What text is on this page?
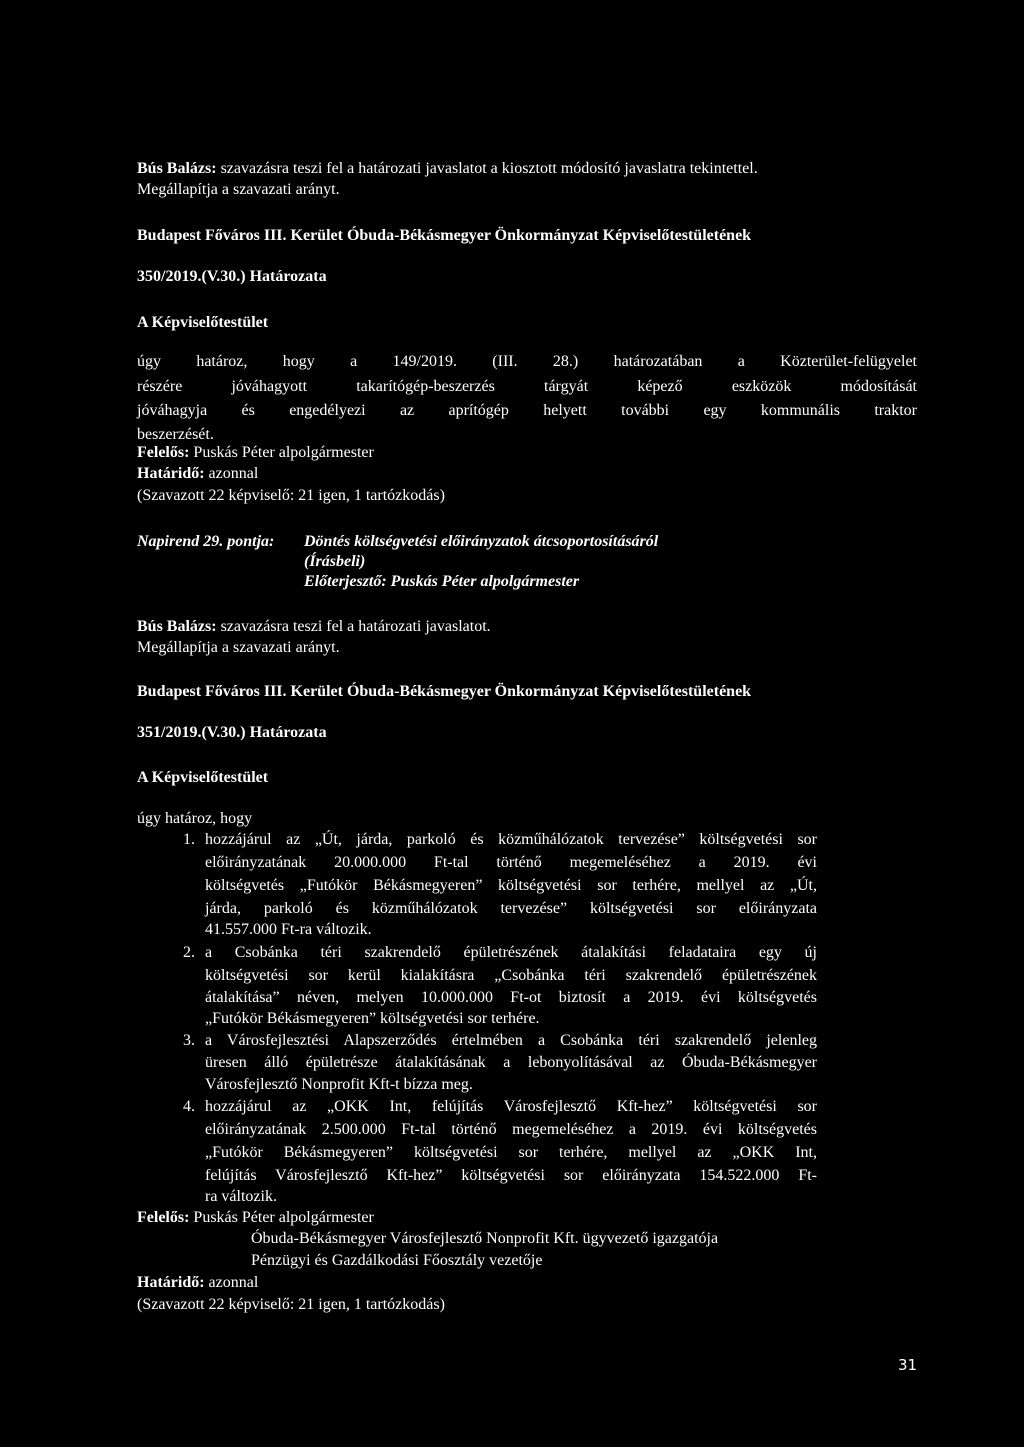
Bús Balázs: szavazásra teszi fel a határozati javaslatot a kiosztott módosító javaslatra tekintettel.

Megállapítja a szavazati arányt.

Budapest Főváros III. Kerület Óbuda-Békásmegyer Önkormányzat Képviselőtestületének

350/2019.(V.30.) Határozata

A Képviselőtestület

úgy határoz, hogy a 149/2019. (III. 28.) határozatában a Közterület-felügyelet

részére jóváhagyott takarítógép-beszerzés tárgyát képező eszközök módosítását

jóváhagyja és engedélyezi az aprítógép helyett további egy kommunális traktor

beszerzését.

Felelős: Puskás Péter alpolgármester

Határidő: azonnal

(Szavazott 22 képviselő: 21 igen, 1 tartózkodás)

Napirend 29. pontja:	Döntés költségvetési előirányzatok átcsoportosításáról

(Írásbeli)

Előterjesztő: Puskás Péter alpolgármester

Bús Balázs: szavazásra teszi fel a határozati javaslatot.

Megállapítja a szavazati arányt.

Budapest Főváros III. Kerület Óbuda-Békásmegyer Önkormányzat Képviselőtestületének

351/2019.(V.30.) Határozata

A Képviselőtestület

úgy határoz, hogy

1. hozzájárul az „Út, járda, parkoló és közműhálózatok tervezése” költségvetési sor

előirányzatának 20.000.000 Ft-tal történő megemeléséhez a 2019. évi

költségvetés „Futókör Békásmegyeren” költségvetési sor terhére, mellyel az „Út,

járda, parkoló és közműhálózatok tervezése” költségvetési sor előirányzata

41.557.000 Ft-ra változik.

2. a Csobánka téri szakrendelő épületrészének átalakítási feladataira egy új

költségvetési sor kerül kialakításra „Csobánka téri szakrendelő épületrészének

átalakítása” néven, melyen 10.000.000 Ft-ot biztosít a 2019. évi költségvetés

„Futókör Békásmegyeren” költségvetési sor terhére.

3. a Városfejlesztési Alapszerződés értelmében a Csobánka téri szakrendelő jelenleg

üresen álló épületrésze átalakításának a lebonyolításával az Óbuda-Békásmegyer

Városfejlesztő Nonprofit Kft-t bízza meg.

4. hozzájárul az „OKK Int, felújítás Városfejlesztő Kft-hez” költségvetési sor

előirányzatának 2.500.000 Ft-tal történő megemeléséhez a 2019. évi költségvetés

„Futókör Békásmegyeren” költségvetési sor terhére, mellyel az „OKK Int,

felújítás Városfejlesztő Kft-hez” költségvetési sor előirányzata 154.522.000 Ft-

ra változik.

Felelős: Puskás Péter alpolgármester

Óbuda-Békásmegyer Városfejlesztő Nonprofit Kft. ügyvezető igazgatója

Pénzügyi és Gazdálkodási Főosztály vezetője

Határidő: azonnal

(Szavazott 22 képviselő: 21 igen, 1 tartózkodás)

31
